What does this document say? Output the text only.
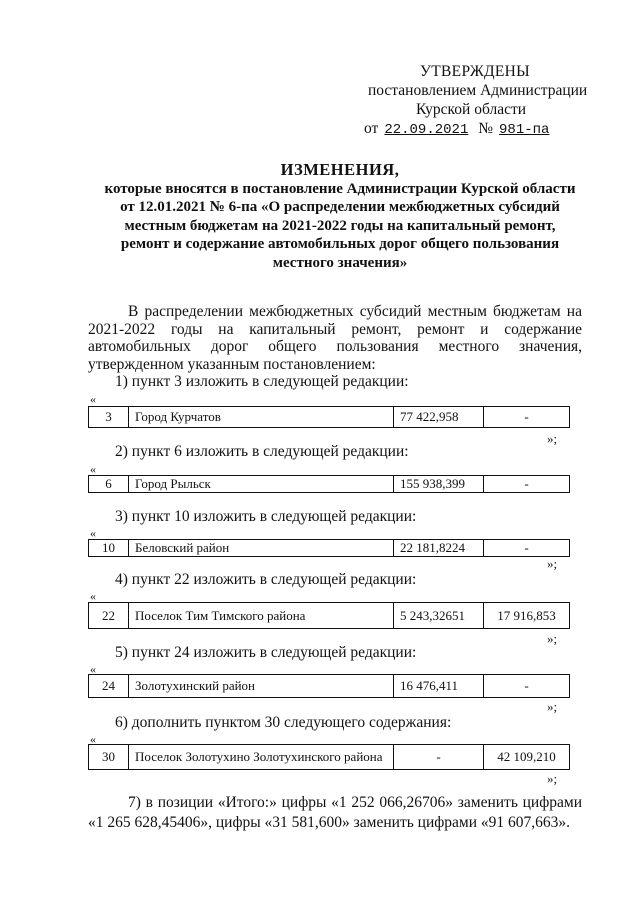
УТВЕРЖДЕНЫ
постановлением Администрации
Курской области
от 22.09.2021 № 981-па
ИЗМЕНЕНИЯ,
которые вносятся в постановление Администрации Курской области
от 12.01.2021 № 6-па «О распределении межбюджетных субсидий
местным бюджетам на 2021-2022 годы на капитальный ремонт,
ремонт и содержание автомобильных дорог общего пользования
местного значения»

В распределении межбюджетных субсидий местным бюджетам на 2021-2022 годы на капитальный ремонт, ремонт и содержание автомобильных дорог общего пользования местного значения, утвержденном указанным постановлением:

1) пункт 3 изложить в следующей редакции:
«
3	Город Курчатов	77 422,958	-
»;
2) пункт 6 изложить в следующей редакции:
«
6	Город Рыльск	155 938,399	-
3) пункт 10 изложить в следующей редакции:
«
10	Беловский район	22 181,8224	-
»;
4) пункт 22 изложить в следующей редакции:
«
22	Поселок Тим Тимского района	5 243,32651	17 916,853
»;
5) пункт 24 изложить в следующей редакции:
«
24	Золотухинский район	16 476,411	-
»;
6) дополнить пунктом 30 следующего содержания:
«
30	Поселок Золотухино Золотухинского района	-	42 109,210
»;

7) в позиции «Итого:» цифры «1 252 066,26706» заменить цифрами «1 265 628,45406», цифры «31 581,600» заменить цифрами «91 607,663».
